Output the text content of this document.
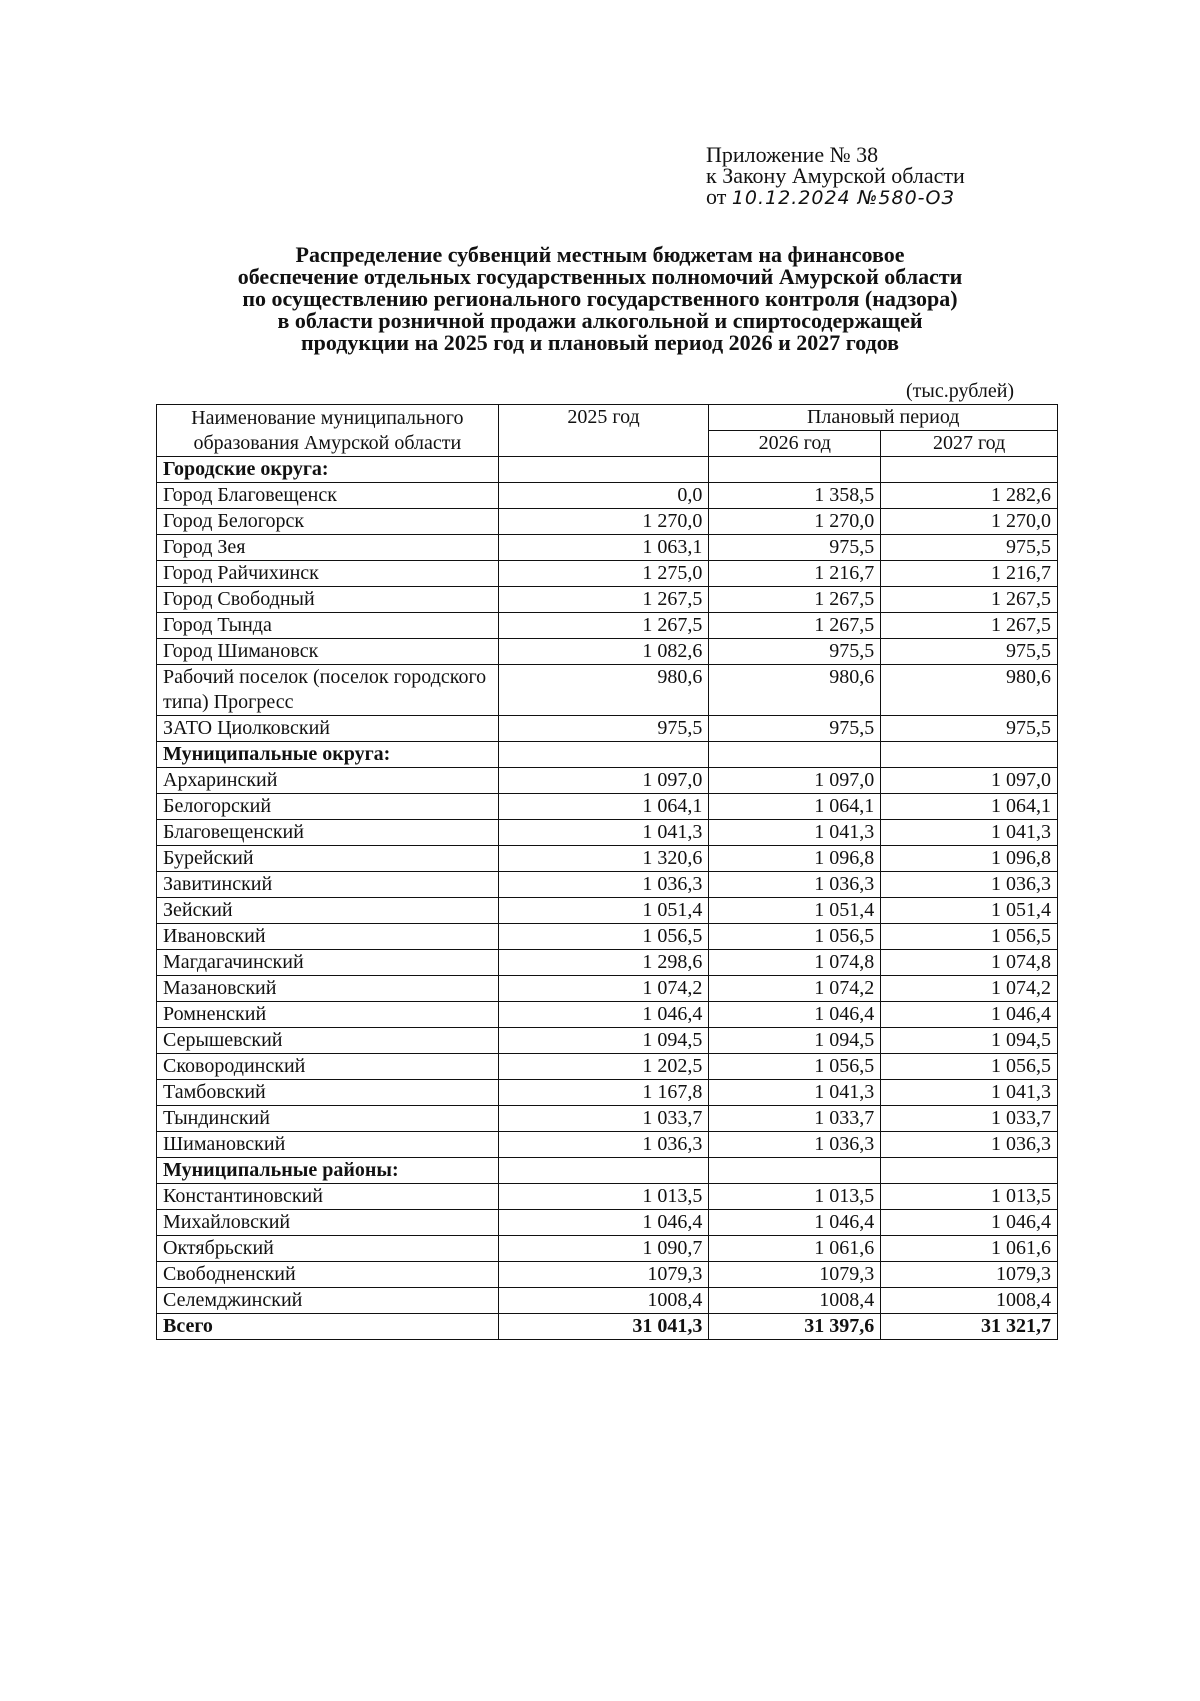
Приложение № 38
к Закону Амурской области
от 10.12.2024 №580-ОЗ
Распределение субвенций местным бюджетам на финансовое
обеспечение отдельных государственных полномочий Амурской области
по осуществлению регионального государственного контроля (надзора)
в области розничной продажи алкогольной и спиртосодержащей
продукции на 2025 год и плановый период 2026 и 2027 годов
(тыс.рублей)
Наименование муниципального
образования Амурской области	2025 год	Плановый период	
		2026 год	2027 год
Городские округа:			
Город Благовещенск	0,0	1 358,5	1 282,6
Город Белогорск	1 270,0	1 270,0	1 270,0
Город Зея	1 063,1	975,5	975,5
Город Райчихинск	1 275,0	1 216,7	1 216,7
Город Свободный	1 267,5	1 267,5	1 267,5
Город Тында	1 267,5	1 267,5	1 267,5
Город Шимановск	1 082,6	975,5	975,5
Рабочий поселок (поселок городского типа) Прогресс	980,6	980,6	980,6
ЗАТО Циолковский	975,5	975,5	975,5
Муниципальные округа:			
Архаринский	1 097,0	1 097,0	1 097,0
Белогорский	1 064,1	1 064,1	1 064,1
Благовещенский	1 041,3	1 041,3	1 041,3
Бурейский	1 320,6	1 096,8	1 096,8
Завитинский	1 036,3	1 036,3	1 036,3
Зейский	1 051,4	1 051,4	1 051,4
Ивановский	1 056,5	1 056,5	1 056,5
Магдагачинский	1 298,6	1 074,8	1 074,8
Мазановский	1 074,2	1 074,2	1 074,2
Ромненский	1 046,4	1 046,4	1 046,4
Серышевский	1 094,5	1 094,5	1 094,5
Сковородинский	1 202,5	1 056,5	1 056,5
Тамбовский	1 167,8	1 041,3	1 041,3
Тындинский	1 033,7	1 033,7	1 033,7
Шимановский	1 036,3	1 036,3	1 036,3
Муниципальные районы:			
Константиновский	1 013,5	1 013,5	1 013,5
Михайловский	1 046,4	1 046,4	1 046,4
Октябрьский	1 090,7	1 061,6	1 061,6
Свободненский	1079,3	1079,3	1079,3
Селемджинский	1008,4	1008,4	1008,4
Всего	31 041,3	31 397,6	31 321,7
